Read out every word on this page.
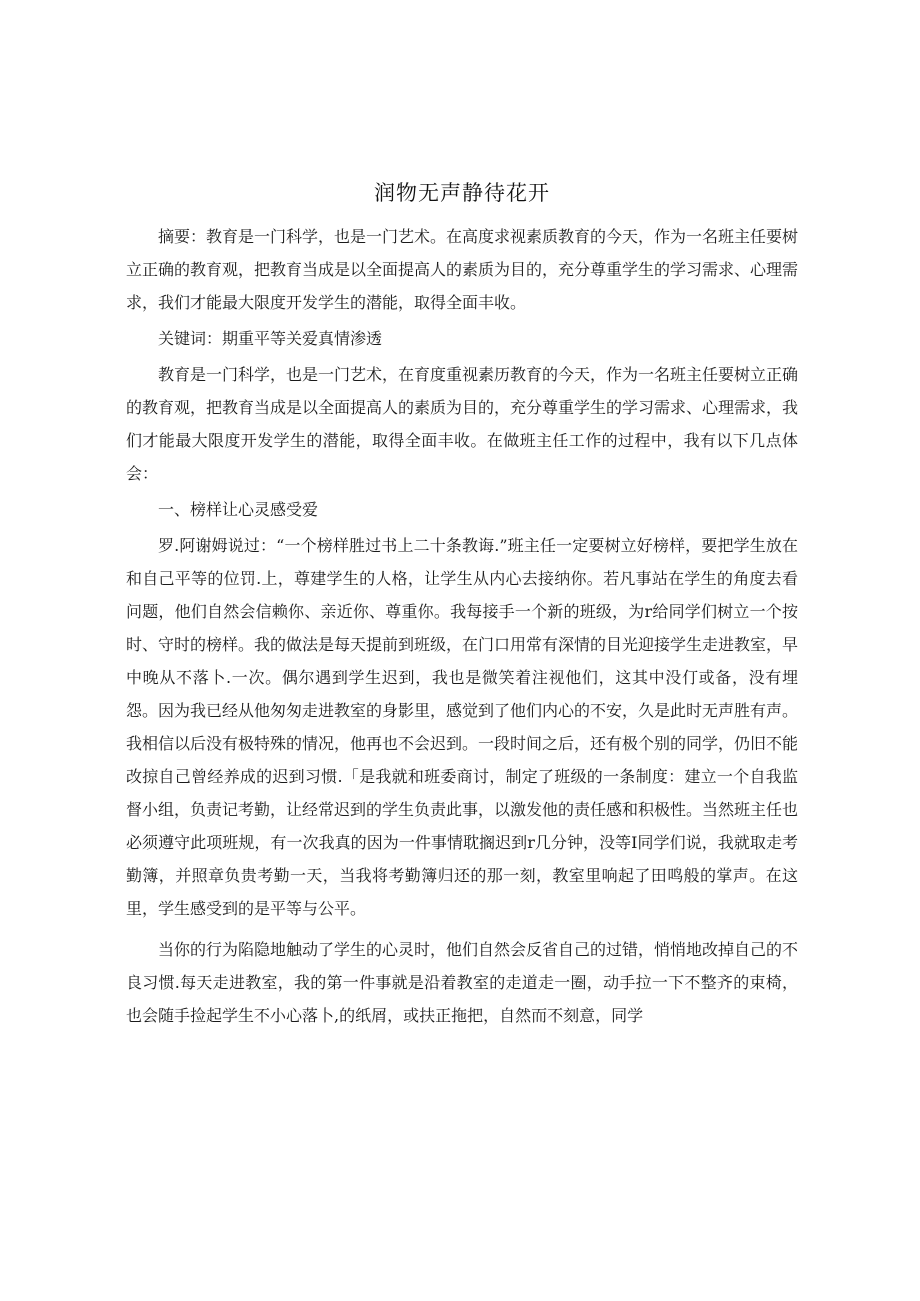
润物无声静待花开

摘要：教育是一门科学，也是一门艺术。在高度求视素质教育的今天，作为一名班主任要树立正确的教育观，把教育当成是以全面提高人的素质为目的，充分尊重学生的学习需求、心理需求，我们才能最大限度开发学生的潜能，取得全面丰收。

关键词：期重平等关爱真情渗透

教育是一门科学，也是一门艺术，在育度重视素历教育的今天，作为一名班主任要树立正确的教育观，把教育当成是以全面提高人的素质为目的，充分尊重学生的学习需求、心理需求，我们才能最大限度开发学生的潜能，取得全面丰收。在做班主任工作的过程中，我有以下几点体会：

一、榜样让心灵感受爱

罗.阿谢姆说过：“一个榜样胜过书上二十条教诲.”班主任一定要树立好榜样，要把学生放在和自己平等的位罚.上，尊建学生的人格，让学生从内心去接纳你。若凡事站在学生的角度去看问题，他们自然会信赖你、亲近你、尊重你。我每接手一个新的班级，为r给同学们树立一个按时、守时的榜样。我的做法是每天提前到班级，在门口用常有深情的目光迎接学生走进教室，早中晚从不落卜.一次。偶尔遇到学生迟到，我也是微笑着注视他们，这其中没仃或备，没有埋怨。因为我已经从他匆匆走进教室的身影里，感觉到了他们内心的不安，久是此时无声胜有声。我相信以后没有极特殊的情况，他再也不会迟到。一段时间之后，还有极个别的同学，仍旧不能改掠自己曾经养成的迟到习惯.「是我就和班委商讨，制定了班级的一条制度：建立一个自我监督小组，负责记考勤，让经常迟到的学生负责此事，以激发他的责任感和积极性。当然班主任也必须遵守此项班规，有一次我真的因为一件事情耽搁迟到r几分钟，没等I同学们说，我就取走考勤簿，并照章负贵考勤一天，当我将考勤簿归还的那一刻，教室里响起了田鸣般的掌声。在这里，学生感受到的是平等与公平。

当你的行为陷隐地触动了学生的心灵时，他们自然会反省自己的过错，悄悄地改掉自己的不良习惯.每天走进教室，我的第一件事就是沿着教室的走道走一圈，动手拉一下不整齐的束椅，也会随手捡起学生不小心落卜,的纸屑，或扶正拖把，自然而不刻意，同学
